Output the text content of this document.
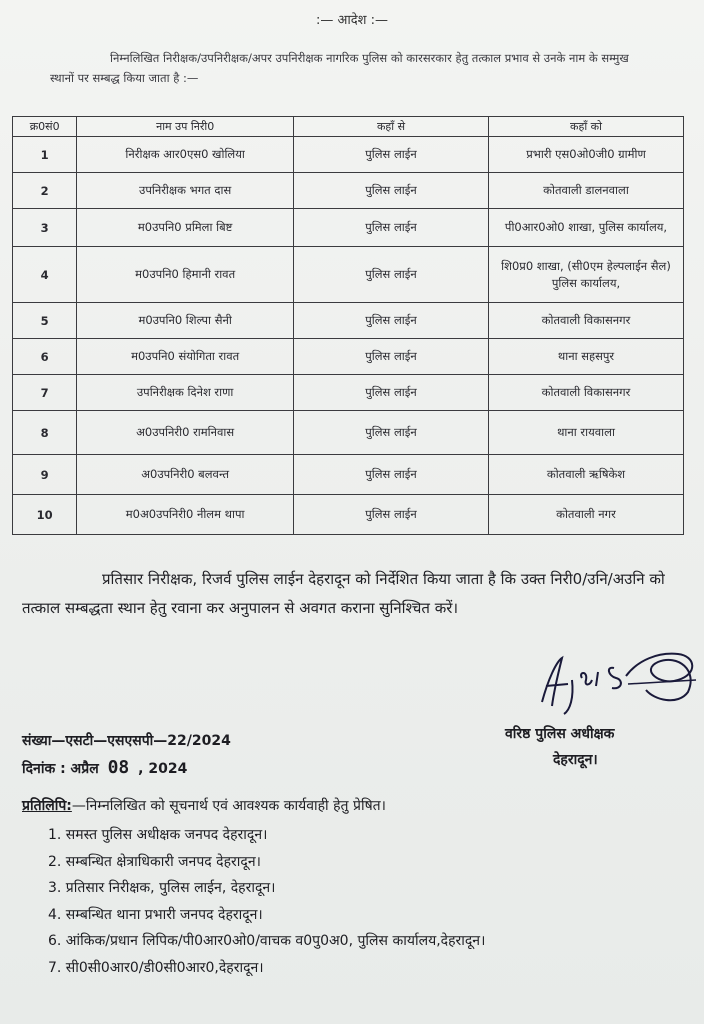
:— आदेश :—
निम्नलिखित निरीक्षक/उपनिरीक्षक/अपर उपनिरीक्षक नागरिक पुलिस को कारसरकार हेतु तत्काल प्रभाव से उनके नाम के सम्मुख स्थानों पर सम्बद्ध किया जाता है :—
क्र0सं0	नाम उप निरी0	कहाँ से	कहाँ को
1	निरीक्षक आर0एस0 खोलिया	पुलिस लाईन	प्रभारी एस0ओ0जी0 ग्रामीण
2	उपनिरीक्षक भगत दास	पुलिस लाईन	कोतवाली डालनवाला
3	म0उपनि0 प्रमिला बिष्ट	पुलिस लाईन	पी0आर0ओ0 शाखा, पुलिस कार्यालय,
4	म0उपनि0 हिमानी रावत	पुलिस लाईन	शि0प्र0 शाखा, (सी0एम हेल्पलाईन सैल) पुलिस कार्यालय,
5	म0उपनि0 शिल्पा सैनी	पुलिस लाईन	कोतवाली विकासनगर
6	म0उपनि0 संयोगिता रावत	पुलिस लाईन	थाना सहसपुर
7	उपनिरीक्षक दिनेश राणा	पुलिस लाईन	कोतवाली विकासनगर
8	अ0उपनिरी0 रामनिवास	पुलिस लाईन	थाना रायवाला
9	अ0उपनिरी0 बलवन्त	पुलिस लाईन	कोतवाली ऋषिकेश
10	म0अ0उपनिरी0 नीलम थापा	पुलिस लाईन	कोतवाली नगर
प्रतिसार निरीक्षक, रिजर्व पुलिस लाईन देहरादून को निर्देशित किया जाता है कि उक्त निरी0/उनि/अउनि को तत्काल सम्बद्धता स्थान हेतु रवाना कर अनुपालन से अवगत कराना सुनिश्चित करें।
वरिष्ठ पुलिस अधीक्षक
देहरादून।
संख्या—एसटी—एसएसपी—22/2024
दिनांक : अप्रैल 08 , 2024
प्रतिलिपि:—निम्नलिखित को सूचनार्थ एवं आवश्यक कार्यवाही हेतु प्रेषित।
1. समस्त पुलिस अधीक्षक जनपद देहरादून।
2. सम्बन्धित क्षेत्राधिकारी जनपद देहरादून।
3. प्रतिसार निरीक्षक, पुलिस लाईन, देहरादून।
4. सम्बन्धित थाना प्रभारी जनपद देहरादून।
6. आंकिक/प्रधान लिपिक/पी0आर0ओ0/वाचक व0पु0अ0, पुलिस कार्यालय,देहरादून।
7. सी0सी0आर0/डी0सी0आर0,देहरादून।
